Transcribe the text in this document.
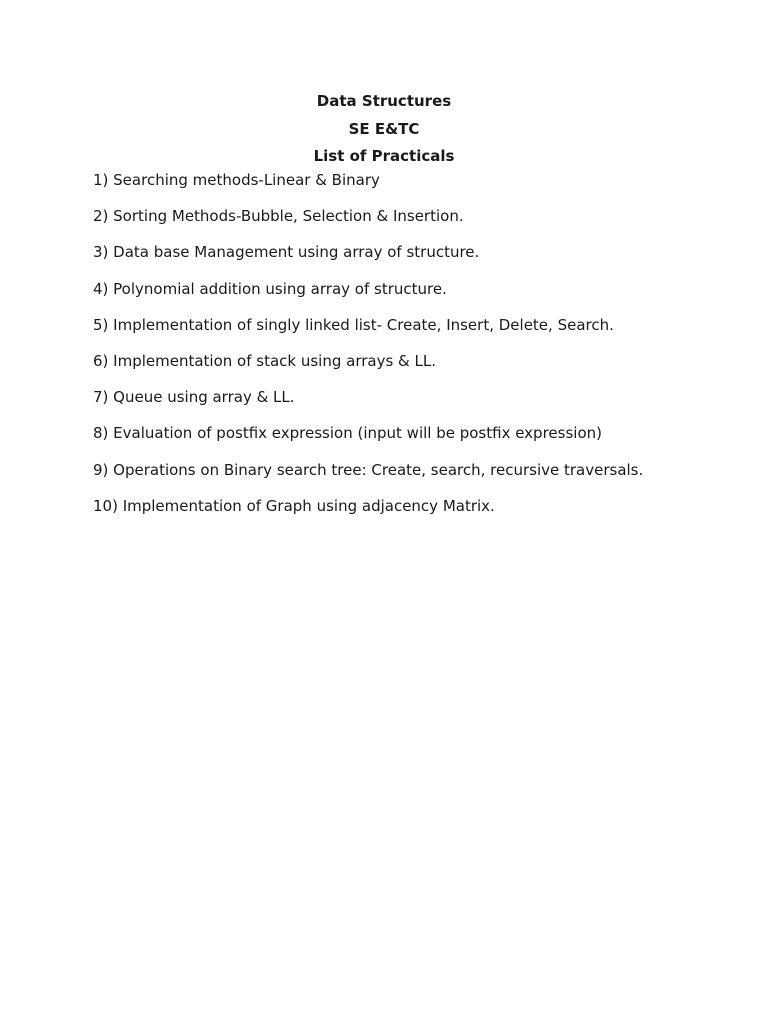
Data Structures
SE E&TC
List of Practicals
1) Searching methods-Linear & Binary
2) Sorting Methods-Bubble, Selection & Insertion.
3) Data base Management using array of structure.
4) Polynomial addition using array of structure.
5) Implementation of singly linked list- Create, Insert, Delete, Search.
6) Implementation of stack using arrays & LL.
7) Queue using array & LL.
8) Evaluation of postfix expression (input will be postfix expression)
9) Operations on Binary search tree: Create, search, recursive traversals.
10) Implementation of Graph using adjacency Matrix.
